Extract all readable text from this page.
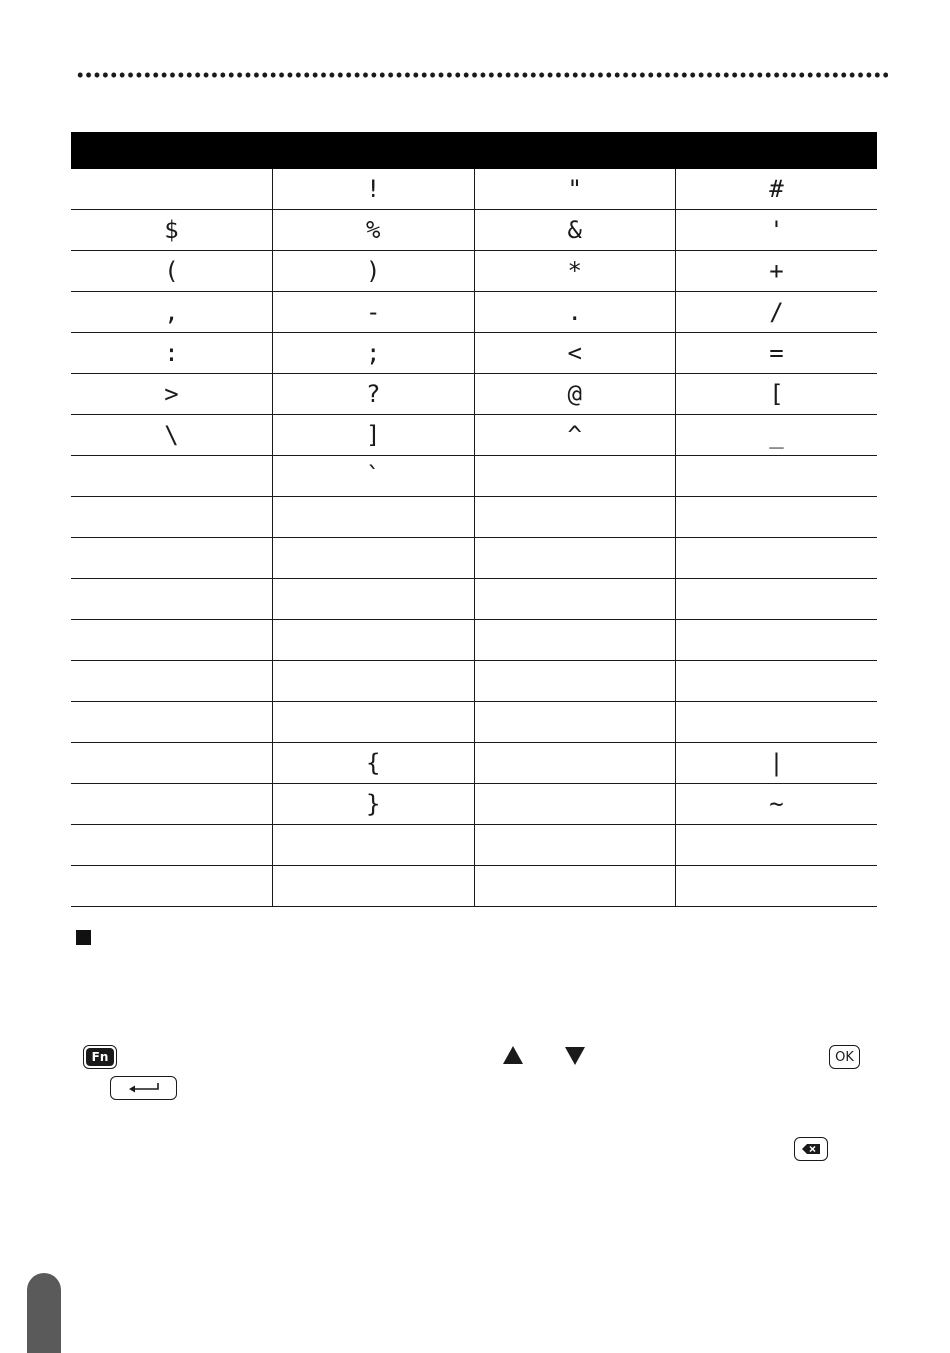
	!	"	#
$	%	&	'
(	)	*	+
,	-	.	/
:	;	<	=
>	?	@	[
\	]	^	_
	`		

	{		|
	}		~

Fn	OK
